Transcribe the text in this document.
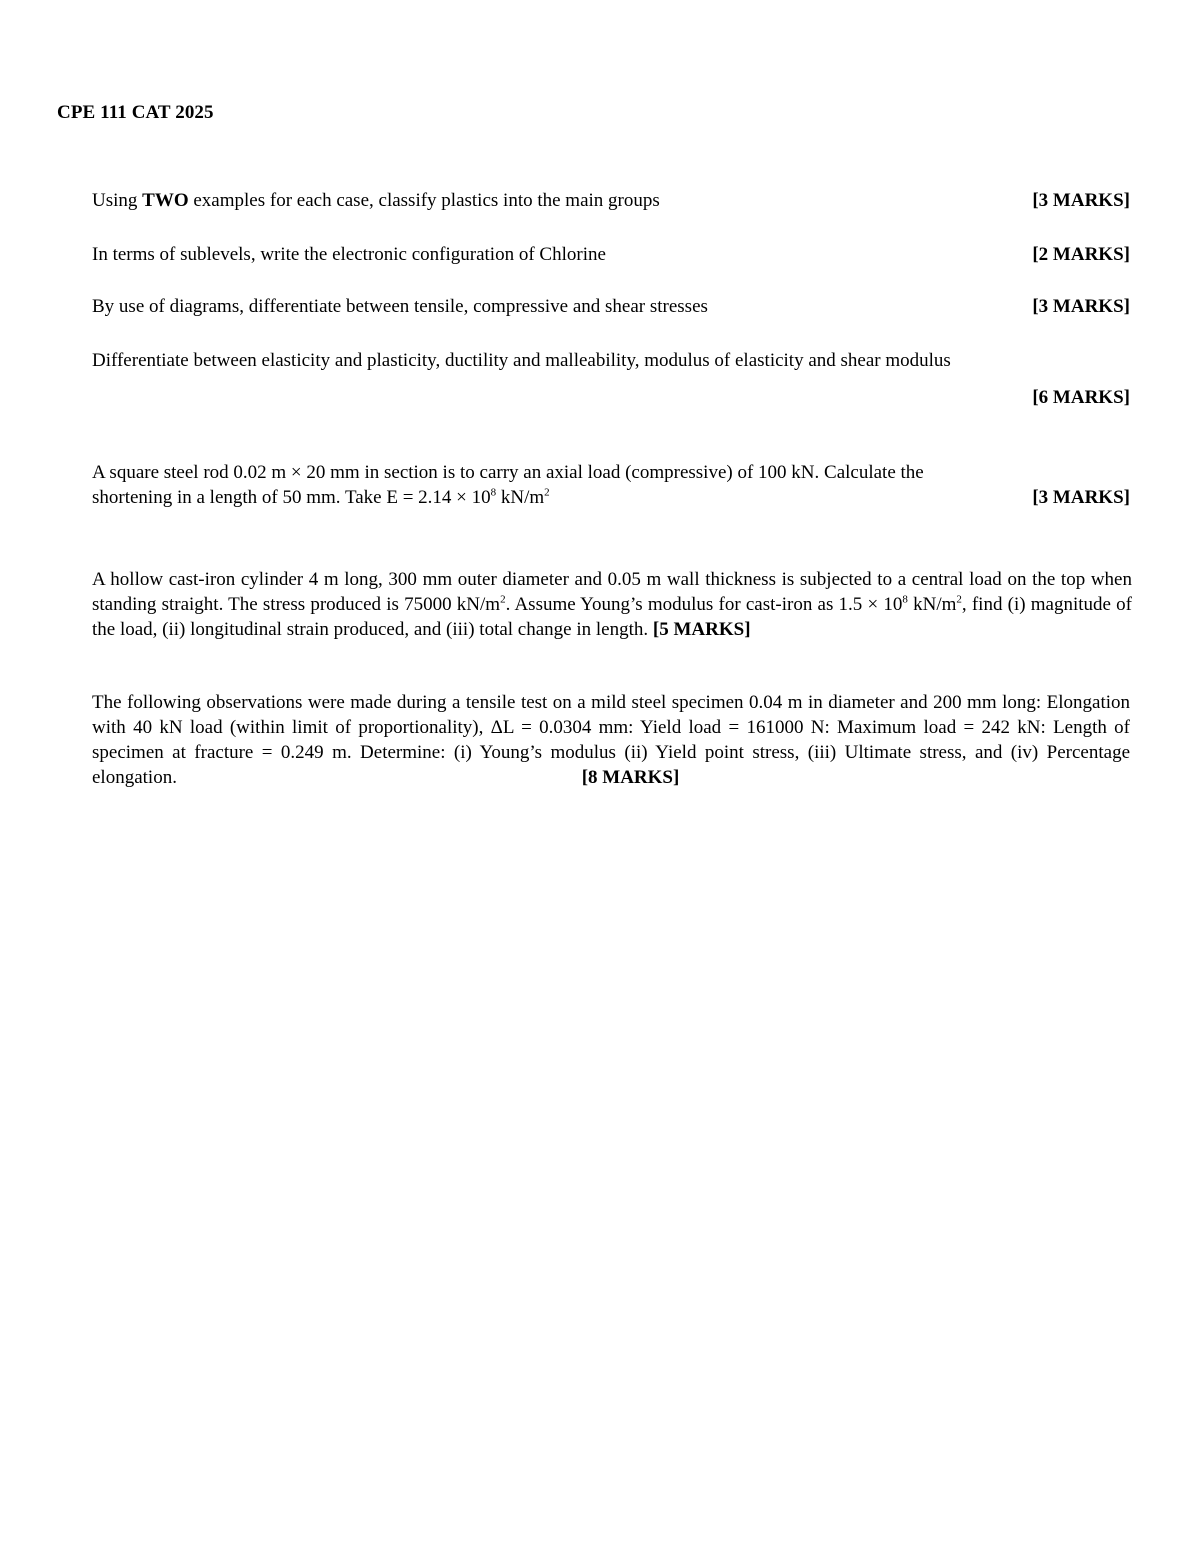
CPE 111 CAT 2025
Using TWO examples for each case, classify plastics into the main groups	[3 MARKS]
In terms of sublevels, write the electronic configuration of Chlorine	[2 MARKS]
By use of diagrams, differentiate between tensile, compressive and shear stresses	[3 MARKS]
Differentiate between elasticity and plasticity, ductility and malleability, modulus of elasticity and shear modulus
[6 MARKS]
A square steel rod 0.02 m × 20 mm in section is to carry an axial load (compressive) of 100 kN. Calculate the
shortening in a length of 50 mm. Take $E = 2.14 \times 10^8$ $kN/m^2$	[3 MARKS]
A hollow cast-iron cylinder 4 m long, 300 mm outer diameter and 0.05 m wall thickness is subjected to a central load on the top when standing straight. The stress produced is 75000 $kN/m^2$. Assume Young’s modulus for cast-iron as $1.5 \times 10^8$ $kN/m^2$, find (i) magnitude of the load, (ii) longitudinal strain produced, and (iii) total change in length. [5 MARKS]
The following observations were made during a tensile test on a mild steel specimen 0.04 m in diameter and 200 mm long: Elongation with 40 kN load (within limit of proportionality), ΔL = 0.0304 mm: Yield load = 161000 N: Maximum load = 242 kN: Length of specimen at fracture = 0.249 m. Determine: (i) Young’s modulus (ii) Yield point stress, (iii) Ultimate stress, and (iv) Percentage elongation.	[8 MARKS]
